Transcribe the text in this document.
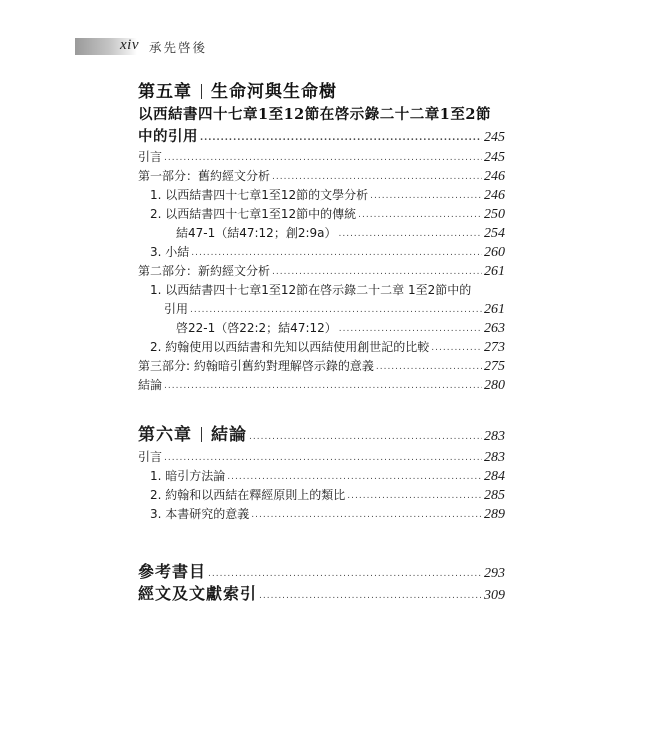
xiv 承先啓後
第五章 生命河與生命樹
以西結書四十七章1至12節在啓示錄二十二章1至2節
中的引用 .....	245
引言 .....	245
第一部分：舊約經文分析 .....	246
1. 以西結書四十七章1至12節的文學分析 .....	246
2. 以西結書四十七章1至12節中的傳統 .....	250
結47-1（結47:12；創2:9a） .....	254
3. 小結 .....	260
第二部分：新約經文分析 .....	261
1. 以西結書四十七章1至12節在啓示錄二十二章 1至2節中的
引用 .....	261
啓22-1（啓22:2；結47:12） .....	263
2. 約翰使用以西結書和先知以西結使用創世記的比較 .....	273
第三部分: 約翰暗引舊約對理解啓示錄的意義 .....	275
結論 .....	280
第六章 結論 .....	283
引言 .....	283
1. 暗引方法論 .....	284
2. 約翰和以西結在釋經原則上的類比 .....	285
3. 本書研究的意義 .....	289
參考書目 .....	293
經文及文獻索引 .....	309
